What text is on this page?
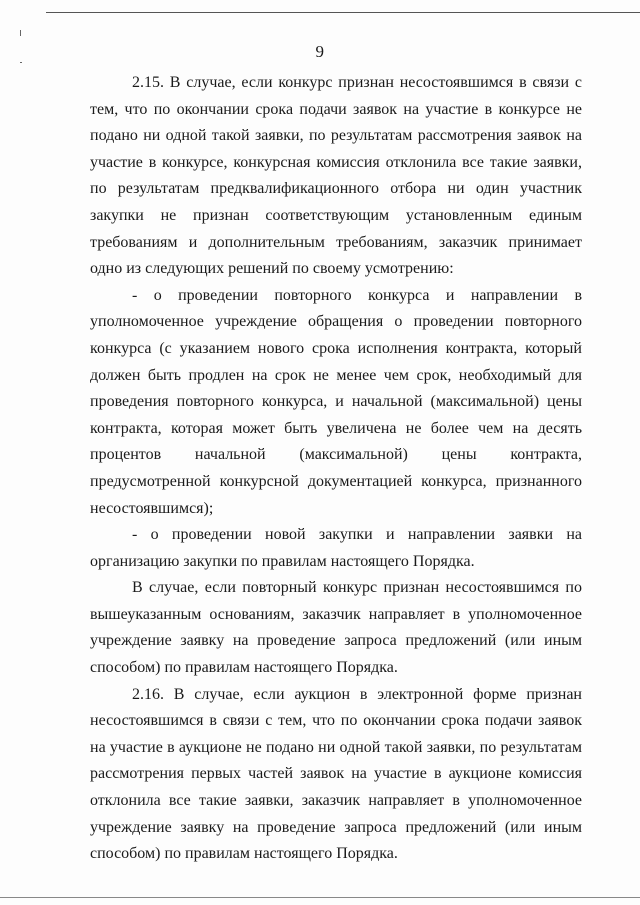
9

2.15. В случае, если конкурс признан несостоявшимся в связи с тем, что по окончании срока подачи заявок на участие в конкурсе не подано ни одной такой заявки, по результатам рассмотрения заявок на участие в конкурсе, конкурсная комиссия отклонила все такие заявки, по результатам предквалификационного отбора ни один участник закупки не признан соответствующим установленным единым требованиям и дополнительным требованиям, заказчик принимает одно из следующих решений по своему усмотрению:

- о проведении повторного конкурса и направлении в уполномоченное учреждение обращения о проведении повторного конкурса (с указанием нового срока исполнения контракта, который должен быть продлен на срок не менее чем срок, необходимый для проведения повторного конкурса, и начальной (максимальной) цены контракта, которая может быть увеличена не более чем на десять процентов начальной (максимальной) цены контракта, предусмотренной конкурсной документацией конкурса, признанного несостоявшимся);

- о проведении новой закупки и направлении заявки на организацию закупки по правилам настоящего Порядка.

В случае, если повторный конкурс признан несостоявшимся по вышеуказанным основаниям, заказчик направляет в уполномоченное учреждение заявку на проведение запроса предложений (или иным способом) по правилам настоящего Порядка.

2.16. В случае, если аукцион в электронной форме признан несостоявшимся в связи с тем, что по окончании срока подачи заявок на участие в аукционе не подано ни одной такой заявки, по результатам рассмотрения первых частей заявок на участие в аукционе комиссия отклонила все такие заявки, заказчик направляет в уполномоченное учреждение заявку на проведение запроса предложений (или иным способом) по правилам настоящего Порядка.
